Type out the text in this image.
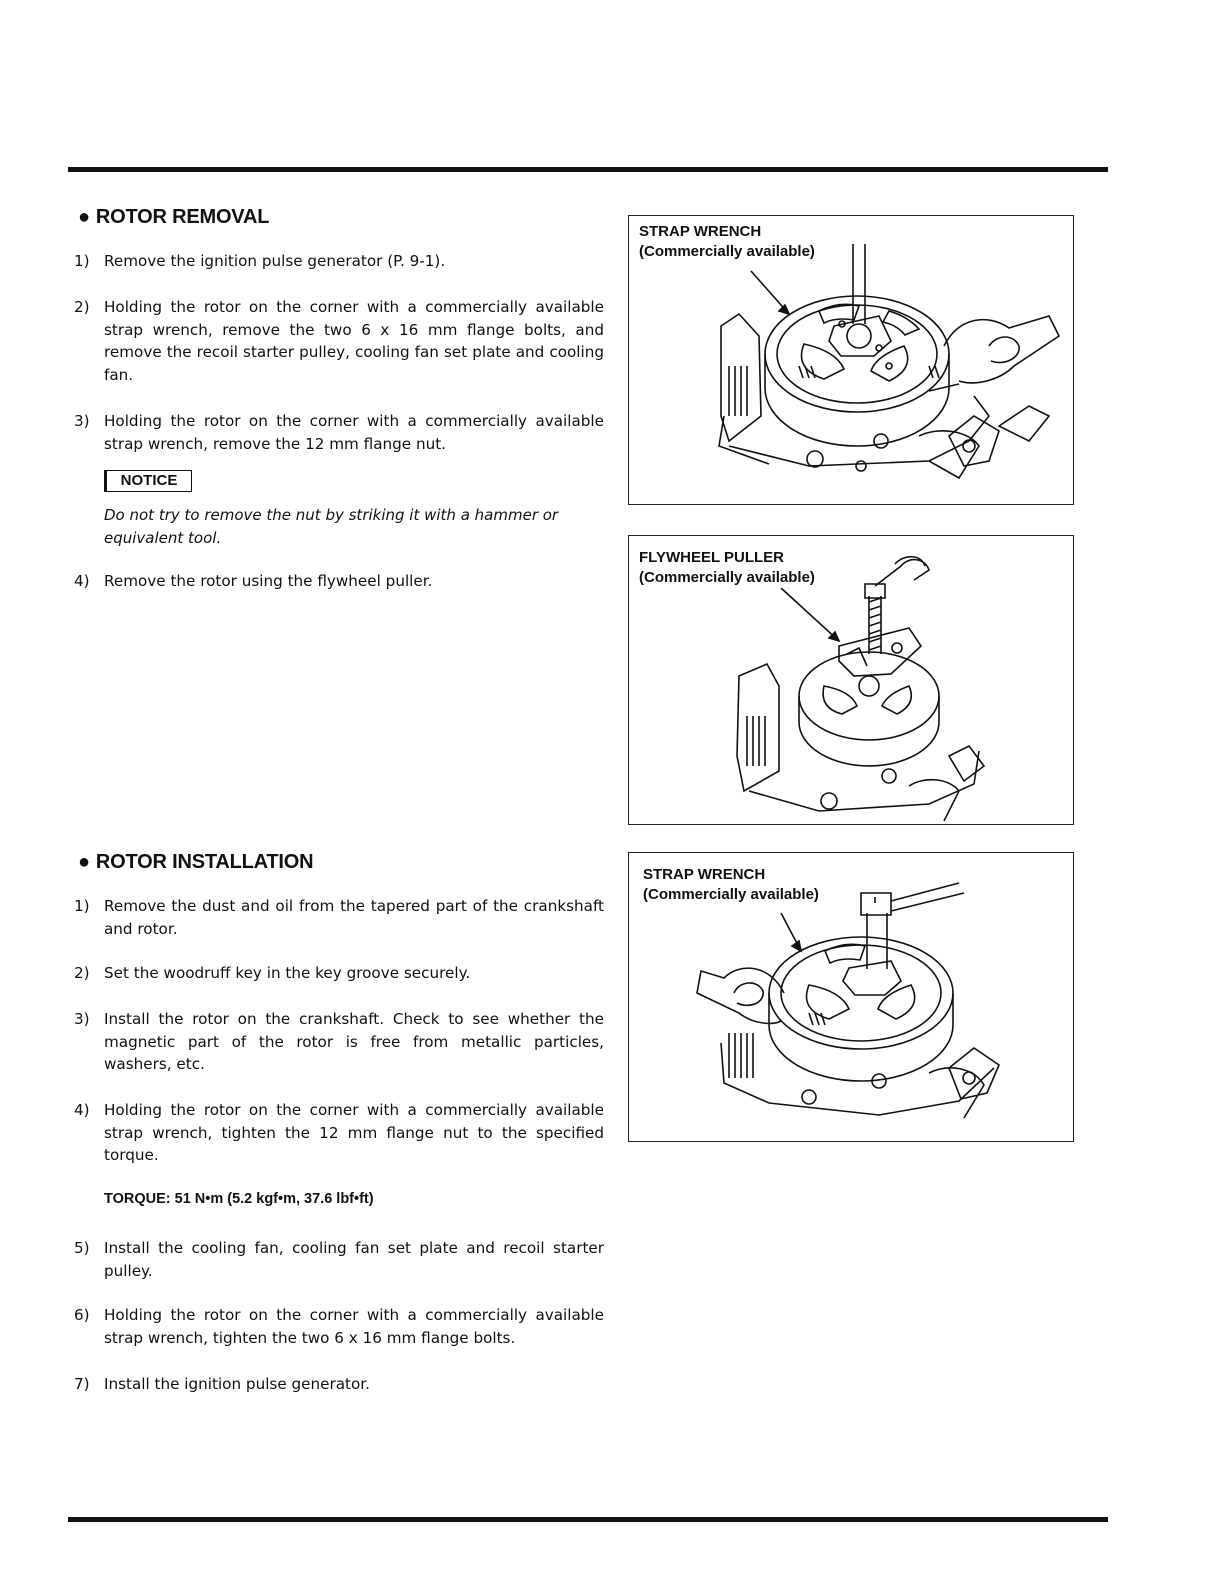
● ROTOR REMOVAL
1) Remove the ignition pulse generator (P. 9-1).
2) Holding the rotor on the corner with a commercially available strap wrench, remove the two 6 x 16 mm flange bolts, and remove the recoil starter pulley, cooling fan set plate and cooling fan.
3) Holding the rotor on the corner with a commercially available strap wrench, remove the 12 mm flange nut.
NOTICE
Do not try to remove the nut by striking it with a hammer or equivalent tool.
4) Remove the rotor using the flywheel puller.
● ROTOR INSTALLATION
1) Remove the dust and oil from the tapered part of the crankshaft and rotor.
2) Set the woodruff key in the key groove securely.
3) Install the rotor on the crankshaft. Check to see whether the magnetic part of the rotor is free from metallic particles, washers, etc.
4) Holding the rotor on the corner with a commercially available strap wrench, tighten the 12 mm flange nut to the specified torque.
TORQUE: 51 N•m (5.2 kgf•m, 37.6 lbf•ft)
5) Install the cooling fan, cooling fan set plate and recoil starter pulley.
6) Holding the rotor on the corner with a commercially available strap wrench, tighten the two 6 x 16 mm flange bolts.
7) Install the ignition pulse generator.
STRAP WRENCH
(Commercially available)
FLYWHEEL PULLER
(Commercially available)
STRAP WRENCH
(Commercially available)
